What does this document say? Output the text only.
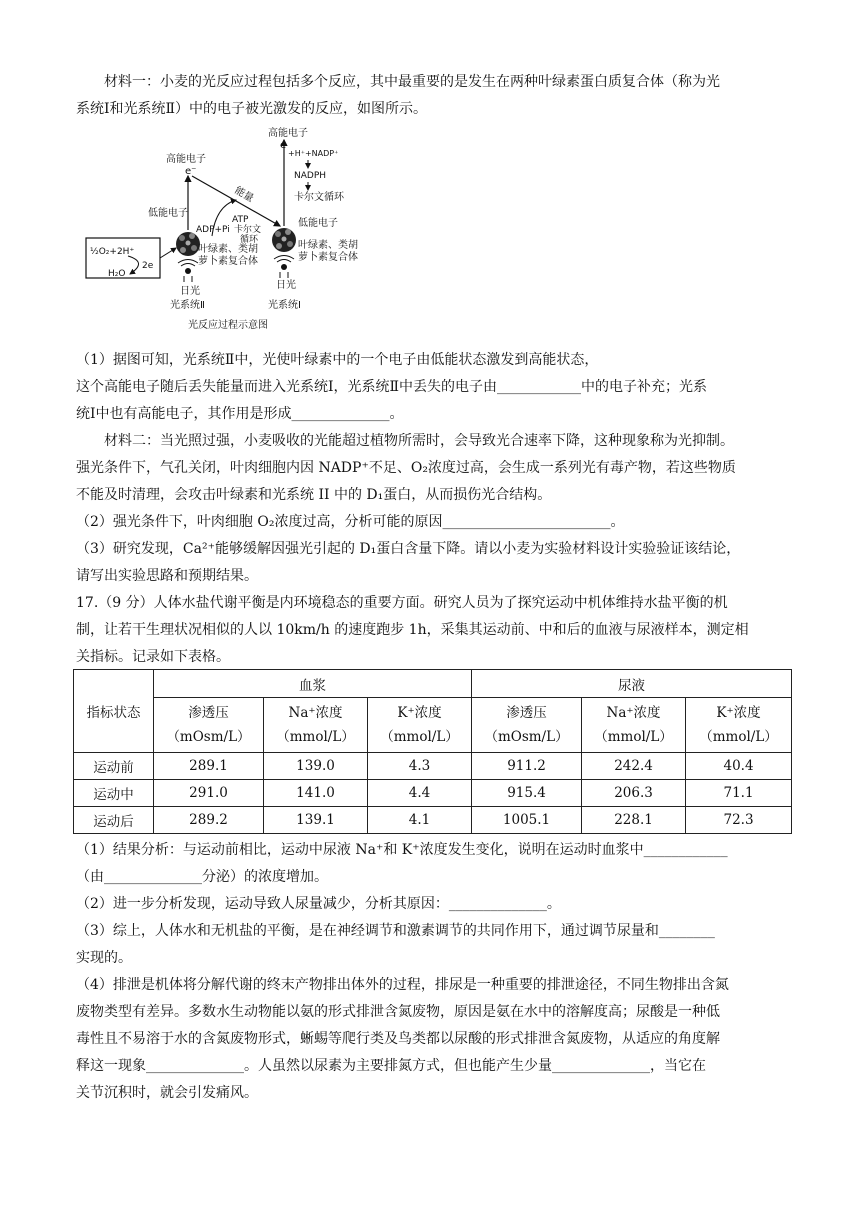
材料一：小麦的光反应过程包括多个反应，其中最重要的是发生在两种叶绿素蛋白质复合体（称为光
系统Ⅰ和光系统Ⅱ）中的电子被光激发的反应，如图所示。
½O₂+2H⁺
2e
H₂O
高能电子
e⁻
能量
ADP+Pi
ATP
卡尔文
循环
高能电子
e
+H⁺+NADP⁺
NADPH
卡尔文循环
低能电子
低能电子
叶绿素、类胡
萝卜素复合体
叶绿素、类胡
萝卜素复合体
日光
日光
光系统Ⅱ	光系统Ⅰ
光反应过程示意图
（1）据图可知，光系统Ⅱ中，光使叶绿素中的一个电子由低能状态激发到高能状态，
这个高能电子随后丢失能量而进入光系统Ⅰ，光系统Ⅱ中丢失的电子由____________中的电子补充；光系
统Ⅰ中也有高能电子，其作用是形成______________。
材料二：当光照过强，小麦吸收的光能超过植物所需时，会导致光合速率下降，这种现象称为光抑制。
强光条件下，气孔关闭，叶肉细胞内因 NADP⁺不足、O₂浓度过高，会生成一系列光有毒产物，若这些物质
不能及时清理，会攻击叶绿素和光系统 II 中的 D₁蛋白，从而损伤光合结构。
（2）强光条件下，叶肉细胞 O₂浓度过高，分析可能的原因________________________。
（3）研究发现，Ca²⁺能够缓解因强光引起的 D₁蛋白含量下降。请以小麦为实验材料设计实验验证该结论，
请写出实验思路和预期结果。
17.（9 分）人体水盐代谢平衡是内环境稳态的重要方面。研究人员为了探究运动中机体维持水盐平衡的机
制，让若干生理状况相似的人以 10km/h 的速度跑步 1h，采集其运动前、中和后的血液与尿液样本，测定相
关指标。记录如下表格。
指标状态	血浆			尿液		
	渗透压
（mOsm/L）	Na⁺浓度
（mmol/L）	K⁺浓度
（mmol/L）	渗透压
（mOsm/L）	Na⁺浓度
（mmol/L）	K⁺浓度
（mmol/L）
运动前	289.1	139.0	4.3	911.2	242.4	40.4
运动中	291.0	141.0	4.4	915.4	206.3	71.1
运动后	289.2	139.1	4.1	1005.1	228.1	72.3
（1）结果分析：与运动前相比，运动中尿液 Na⁺和 K⁺浓度发生变化，说明在运动时血浆中____________
（由______________分泌）的浓度增加。
（2）进一步分析发现，运动导致人尿量减少，分析其原因：______________。
（3）综上，人体水和无机盐的平衡，是在神经调节和激素调节的共同作用下，通过调节尿量和________
实现的。
（4）排泄是机体将分解代谢的终末产物排出体外的过程，排尿是一种重要的排泄途径，不同生物排出含氮
废物类型有差异。多数水生动物能以氨的形式排泄含氮废物，原因是氨在水中的溶解度高；尿酸是一种低
毒性且不易溶于水的含氮废物形式，蜥蜴等爬行类及鸟类都以尿酸的形式排泄含氮废物，从适应的角度解
释这一现象______________。人虽然以尿素为主要排氮方式，但也能产生少量______________，当它在
关节沉积时，就会引发痛风。
